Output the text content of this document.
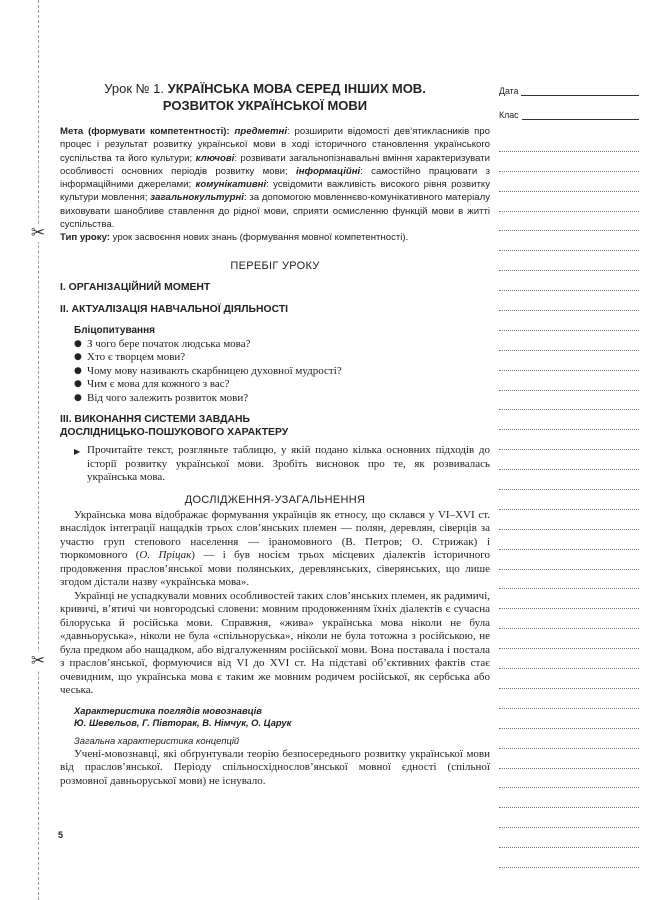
✂
✂
Урок № 1. УКРАЇНСЬКА МОВА СЕРЕД ІНШИХ МОВ.
РОЗВИТОК УКРАЇНСЬКОЇ МОВИ
Мета (формувати компетентності): предметні: розширити відомості дев’ятикласників про процес і результат розвитку української мови в ході історичного становлення українського суспільства та його культури; ключові: розвивати загальнопізнавальні вміння характеризувати особливості основних періодів розвитку мови; інформаційні: самостійно працювати з інформаційними джерелами; комунікативні: усвідомити важливість високого рівня розвитку культури мовлення; загальнокультурні: за допомогою мовленнєво-комунікативного матеріалу виховувати шанобливе ставлення до рідної мови, сприяти осмисленню функцій мови в житті суспільства.
Тип уроку: урок засвоєння нових знань (формування мовної компетентності).
ПЕРЕБІГ УРОКУ
І. ОРГАНІЗАЦІЙНИЙ МОМЕНТ
ІІ. АКТУАЛІЗАЦІЯ НАВЧАЛЬНОЇ ДІЯЛЬНОСТІ
Бліцопитування
● З чого бере початок людська мова?
● Хто є творцем мови?
● Чому мову називають скарбницею духовної мудрості?
● Чим є мова для кожного з вас?
● Від чого залежить розвиток мови?
ІІІ. ВИКОНАННЯ СИСТЕМИ ЗАВДАНЬ
ДОСЛІДНИЦЬКО-ПОШУКОВОГО ХАРАКТЕРУ
▶ Прочитайте текст, розгляньте таблицю, у якій подано кілька основних підходів до історії розвитку української мови. Зробіть висновок про те, як розвивалась українська мова.
ДОСЛІДЖЕННЯ-УЗАГАЛЬНЕННЯ

Українська мова відображає формування українців як етносу, що склався у VI–XVI ст. внаслідок інтеграції нащадків трьох слов’янських племен — полян, деревлян, сіверців за участю груп степового населення — іраномовного (В. Петров; О. Стрижак) і тюркомовного (О. Пріцак) — і був носієм трьох місцевих діалектів історичного продовження праслов’янської мови полянських, деревлянських, сіверянських, що лише згодом дістали назву «українська мова».

Українці не успадкували мовних особливостей таких слов’янських племен, як радимичі, кривичі, в’ятичі чи новгородські словени: мовним продовженням їхніх діалектів є сучасна білоруська й російська мови. Справжня, «жива» українська мова ніколи не була «давньоруська», ніколи не була «спільноруська», ніколи не була тотожна з російською, не була предком або нащадком, або відгалуженням російської мови. Вона поставала і постала з праслов’янської, формуючися від VI до XVI ст. На підставі об’єктивних фактів стає очевидним, що українська мова є таким же мовним родичем російської, як сербська або чеська.

Характеристика поглядів мовознавців
Ю. Шевельов, Г. Півторак, В. Німчук, О. Царук
Загальна характеристика концепцій

Учені-мовознавці, які обґрунтували теорію безпосереднього розвитку української мови від праслов’янської. Періоду спільносхіднослов’янської мовної єдності (спільної розмовної давньоруської мови) не існувало.

5
Дата
Клас
